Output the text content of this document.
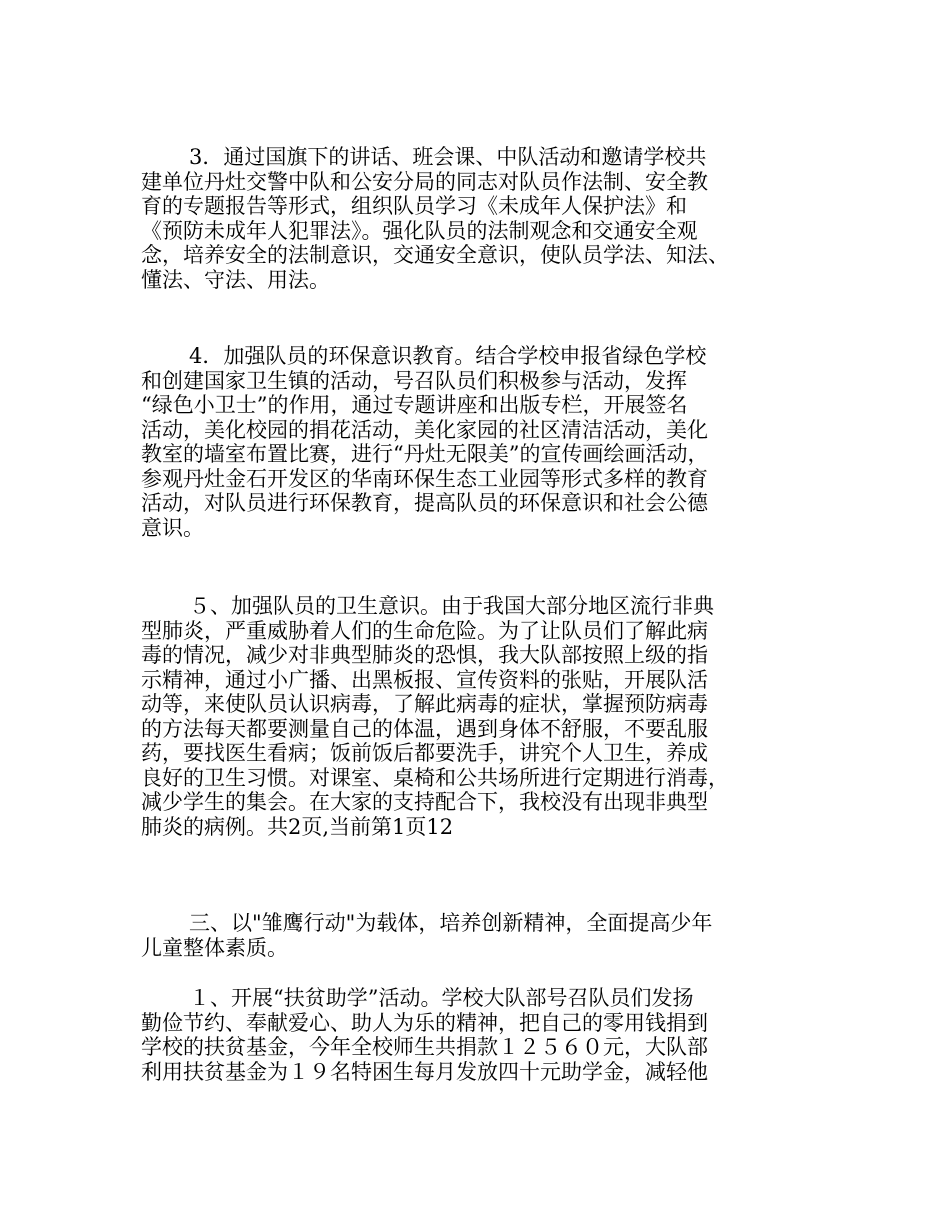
3．通过国旗下的讲话、班会课、中队活动和邀请学校共
建单位丹灶交警中队和公安分局的同志对队员作法制、安全教
育的专题报告等形式，组织队员学习《未成年人保护法》和
《预防未成年人犯罪法》。强化队员的法制观念和交通安全观
念，培养安全的法制意识，交通安全意识，使队员学法、知法、
懂法、守法、用法。

4．加强队员的环保意识教育。结合学校申报省绿色学校
和创建国家卫生镇的活动，号召队员们积极参与活动，发挥
“绿色小卫士”的作用，通过专题讲座和出版专栏，开展签名
活动，美化校园的捐花活动，美化家园的社区清洁活动，美化
教室的墙室布置比赛，进行“丹灶无限美”的宣传画绘画活动，
参观丹灶金石开发区的华南环保生态工业园等形式多样的教育
活动，对队员进行环保教育，提高队员的环保意识和社会公德
意识。

５、加强队员的卫生意识。由于我国大部分地区流行非典
型肺炎，严重威胁着人们的生命危险。为了让队员们了解此病
毒的情况，减少对非典型肺炎的恐惧，我大队部按照上级的指
示精神，通过小广播、出黑板报、宣传资料的张贴，开展队活
动等，来使队员认识病毒，了解此病毒的症状，掌握预防病毒
的方法每天都要测量自己的体温，遇到身体不舒服，不要乱服
药，要找医生看病；饭前饭后都要洗手，讲究个人卫生，养成
良好的卫生习惯。对课室、桌椅和公共场所进行定期进行消毒，
减少学生的集会。在大家的支持配合下，我校没有出现非典型
肺炎的病例。共2页,当前第1页12

三、以"雏鹰行动"为载体，培养创新精神，全面提高少年
儿童整体素质。

１、开展“扶贫助学”活动。学校大队部号召队员们发扬
勤俭节约、奉献爱心、助人为乐的精神，把自己的零用钱捐到
学校的扶贫基金，今年全校师生共捐款１２５６０元，大队部
利用扶贫基金为１９名特困生每月发放四十元助学金，减轻他
